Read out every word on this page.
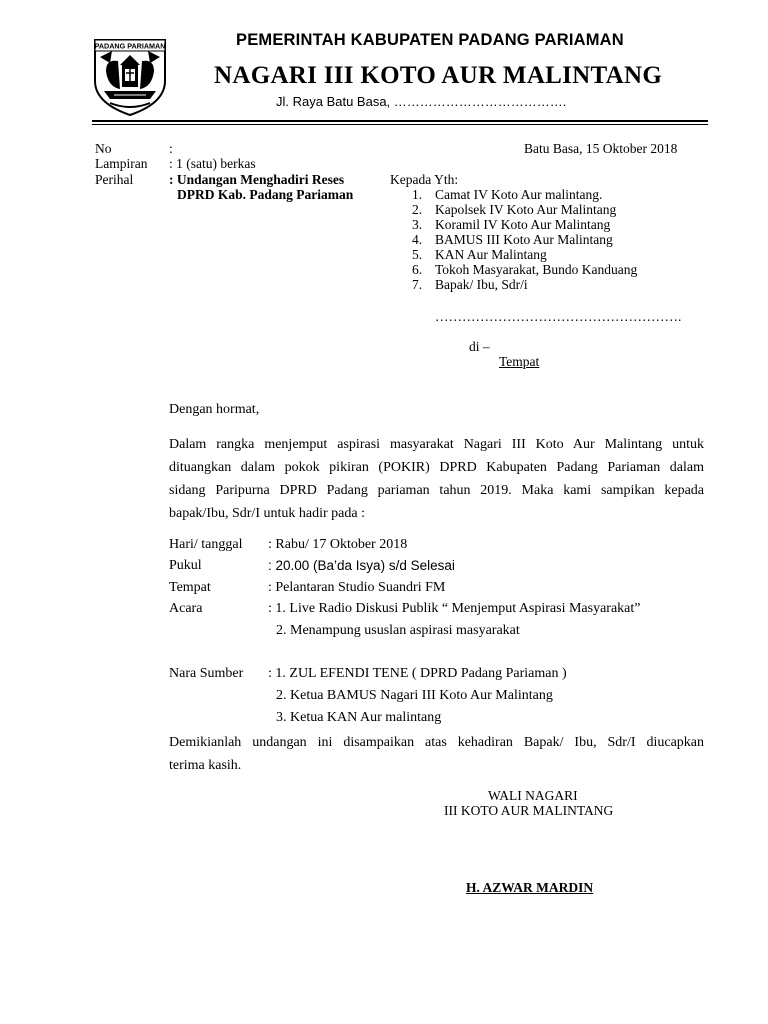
PADANG PARIAMAN	PEMERINTAH KABUPATEN PADANG PARIAMAN
NAGARI III KOTO AUR MALINTANG
Jl. Raya Batu Basa, ………………………………….
No	:
Lampiran : 1 (satu) berkas
Perihal	: Undangan Menghadiri Reses
DPRD Kab. Padang Pariaman
Batu Basa, 15 Oktober 2018
Kepada Yth:
1. Camat IV Koto Aur malintang.
2. Kapolsek IV Koto Aur Malintang
3. Koramil IV Koto Aur Malintang
4. BAMUS III Koto Aur Malintang
5. KAN Aur Malintang
6. Tokoh Masyarakat, Bundo Kanduang
7. Bapak/ Ibu, Sdr/i
……………………………………………….
di –
Tempat
Dengan hormat,

Dalam rangka menjemput aspirasi masyarakat Nagari III Koto Aur Malintang untuk

dituangkan dalam pokok pikiran (POKIR) DPRD Kabupaten Padang Pariaman dalam

sidang Paripurna DPRD Padang pariaman tahun 2019. Maka kami sampikan kepada

bapak/Ibu, Sdr/I untuk hadir pada :

Hari/ tanggal : Rabu/ 17 Oktober 2018
Pukul	: 20.00 (Ba’da Isya) s/d Selesai
Tempat	: Pelantaran Studio Suandri FM
Acara	: 1. Live Radio Diskusi Publik “ Menjemput Aspirasi Masyarakat”
2. Menampung ususlan aspirasi masyarakat
Nara Sumber : 1. ZUL EFENDI TENE ( DPRD Padang Pariaman )
2. Ketua BAMUS Nagari III Koto Aur Malintang
3. Ketua KAN Aur malintang

Demikianlah undangan ini disampaikan atas kehadiran Bapak/ Ibu, Sdr/I diucapkan

terima kasih.

WALI NAGARI
III KOTO AUR MALINTANG
H. AZWAR MARDIN
